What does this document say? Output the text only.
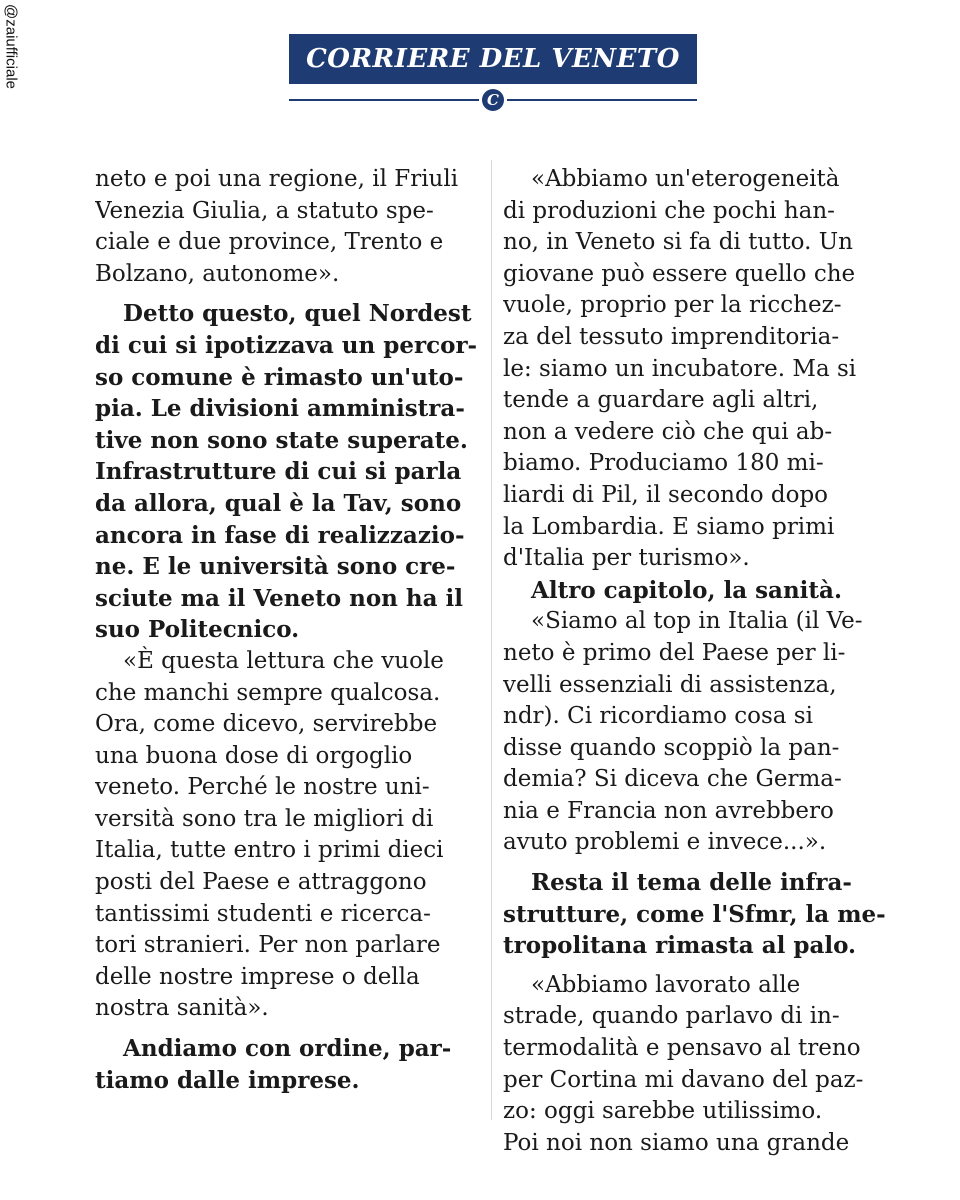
@zaiufficiale	CORRIERE DEL VENETO
C
neto e poi una regione, il Friuli
Venezia Giulia, a statuto spe-
ciale e due province, Trento e
Bolzano, autonome».
Detto questo, quel Nordest
di cui si ipotizzava un percor-
so comune è rimasto un'uto-
pia. Le divisioni amministra-
tive non sono state superate.
Infrastrutture di cui si parla
da allora, qual è la Tav, sono
ancora in fase di realizzazio-
ne. E le università sono cre-
sciute ma il Veneto non ha il
suo Politecnico.
«È questa lettura che vuole
che manchi sempre qualcosa.
Ora, come dicevo, servirebbe
una buona dose di orgoglio
veneto. Perché le nostre uni-
versità sono tra le migliori di
Italia, tutte entro i primi dieci
posti del Paese e attraggono
tantissimi studenti e ricerca-
tori stranieri. Per non parlare
delle nostre imprese o della
nostra sanità».
Andiamo con ordine, par-
tiamo dalle imprese.
«Abbiamo un'eterogeneità
di produzioni che pochi han-
no, in Veneto si fa di tutto. Un
giovane può essere quello che
vuole, proprio per la ricchez-
za del tessuto imprenditoria-
le: siamo un incubatore. Ma si
tende a guardare agli altri,
non a vedere ciò che qui ab-
biamo. Produciamo 180 mi-
liardi di Pil, il secondo dopo
la Lombardia. E siamo primi
d'Italia per turismo».
Altro capitolo, la sanità.
«Siamo al top in Italia (il Ve-
neto è primo del Paese per li-
velli essenziali di assistenza,
ndr). Ci ricordiamo cosa si
disse quando scoppiò la pan-
demia? Si diceva che Germa-
nia e Francia non avrebbero
avuto problemi e invece...».
Resta il tema delle infra-
strutture, come l'Sfmr, la me-
tropolitana rimasta al palo.
«Abbiamo lavorato alle
strade, quando parlavo di in-
termodalità e pensavo al treno
per Cortina mi davano del paz-
zo: oggi sarebbe utilissimo.
Poi noi non siamo una grande
